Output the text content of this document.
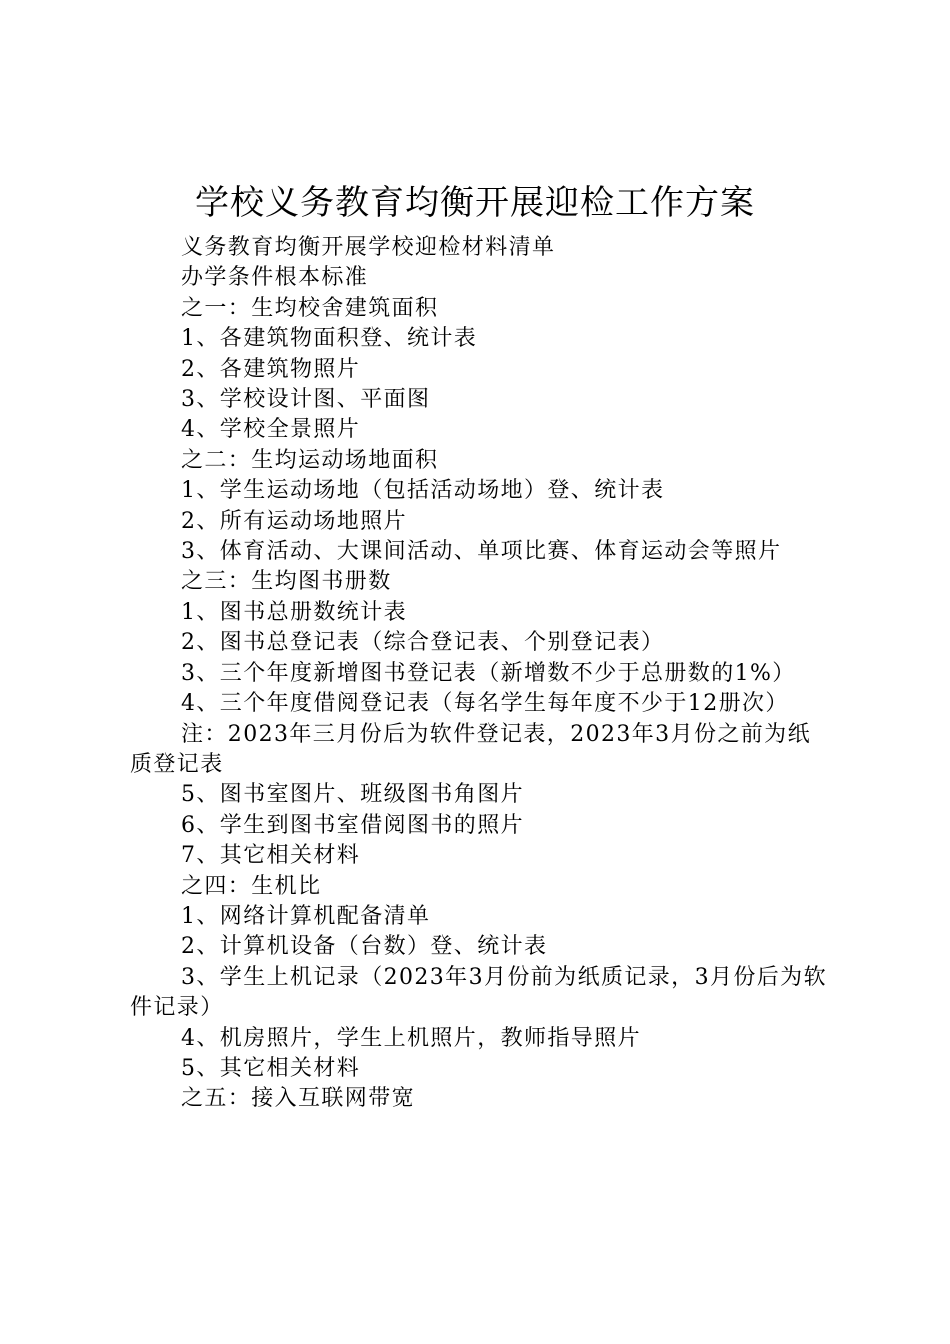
学校义务教育均衡开展迎检工作方案

义务教育均衡开展学校迎检材料清单

办学条件根本标准

之一：生均校舍建筑面积

1、各建筑物面积登、统计表

2、各建筑物照片

3、学校设计图、平面图

4、学校全景照片

之二：生均运动场地面积

1、学生运动场地（包括活动场地）登、统计表

2、所有运动场地照片

3、体育活动、大课间活动、单项比赛、体育运动会等照片

之三：生均图书册数

1、图书总册数统计表

2、图书总登记表（综合登记表、个别登记表）

3、三个年度新增图书登记表（新增数不少于总册数的1%）

4、三个年度借阅登记表（每名学生每年度不少于12册次）

注：2023年三月份后为软件登记表，2023年3月份之前为纸质登记表

5、图书室图片、班级图书角图片

6、学生到图书室借阅图书的照片

7、其它相关材料

之四：生机比

1、网络计算机配备清单

2、计算机设备（台数）登、统计表

3、学生上机记录（2023年3月份前为纸质记录，3月份后为软件记录）

4、机房照片，学生上机照片，教师指导照片

5、其它相关材料

之五：接入互联网带宽
